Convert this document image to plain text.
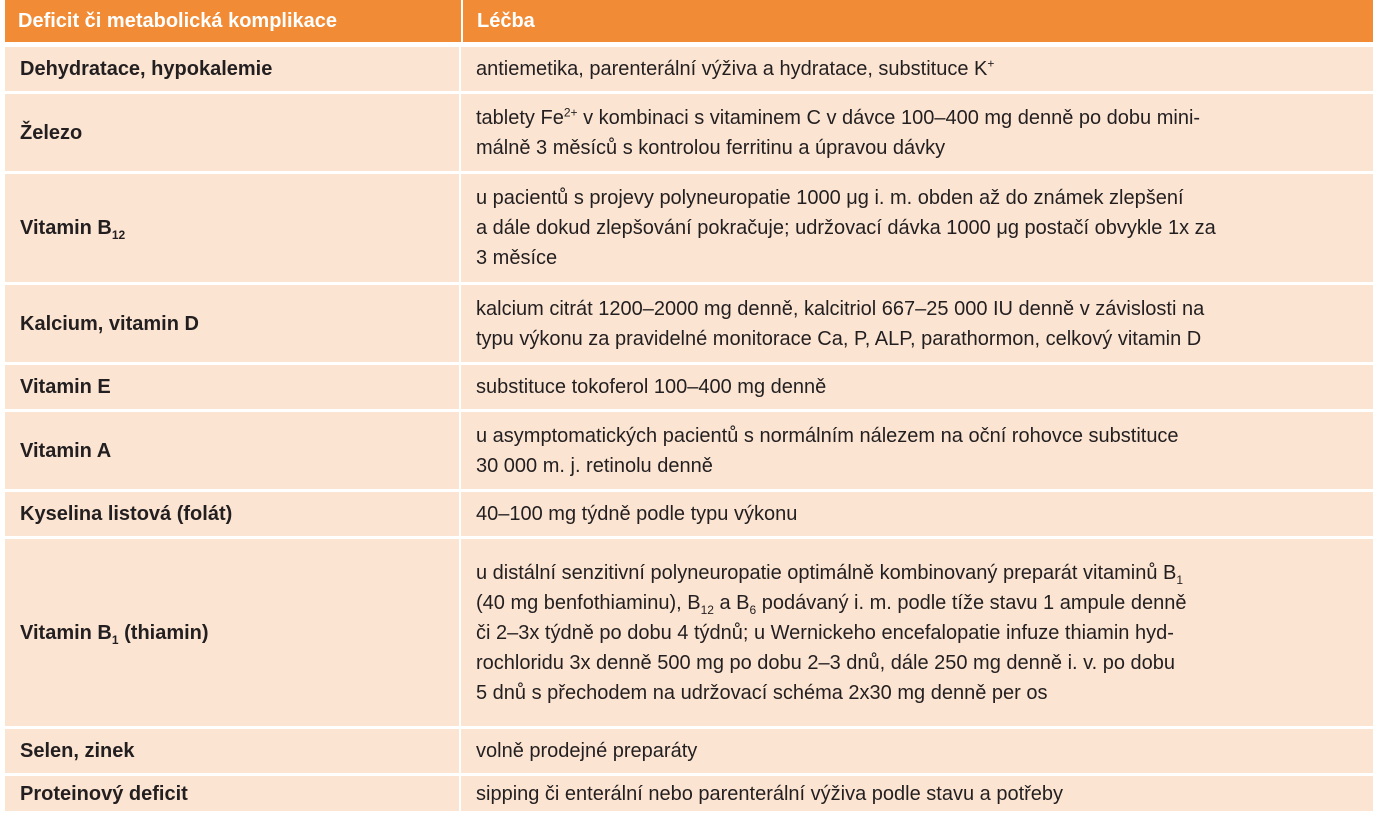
Deficit či metabolická komplikace	Léčba
Dehydratace, hypokalemie	antiemetika, parenterální výživa a hydratace, substituce K+

Železo	tablety $Fe^{2+}$ v kombinaci s vitaminem C v dávce 100–400 mg denně po dobu mini-
málně 3 měsíců s kontrolou ferritinu a úpravou dávky

Vitamin $B_{12}$	u pacientů s projevy polyneuropatie 1000 μg i. m. obden až do známek zlepšení
a dále dokud zlepšování pokračuje; udržovací dávka 1000 μg postačí obvykle 1x za
3 měsíce

Kalcium, vitamin D	kalcium citrát 1200–2000 mg denně, kalcitriol 667–25 000 IU denně v závislosti na
typu výkonu za pravidelné monitorace Ca, P, ALP, parathormon, celkový vitamin D

Vitamin E	substituce tokoferol 100–400 mg denně

Vitamin A	u asymptomatických pacientů s normálním nálezem na oční rohovce substituce
30 000 m. j. retinolu denně

Kyselina listová (folát)	40–100 mg týdně podle typu výkonu

Vitamin $B_1$ (thiamin)	u distální senzitivní polyneuropatie optimálně kombinovaný preparát vitaminů $B_1$
(40 mg benfothiaminu), $B_{12}$ a $B_6$ podávaný i. m. podle tíže stavu 1 ampule denně
či 2–3x týdně po dobu 4 týdnů; u Wernickeho encefalopatie infuze thiamin hyd-
rochloridu 3x denně 500 mg po dobu 2–3 dnů, dále 250 mg denně i. v. po dobu
5 dnů s přechodem na udržovací schéma 2x30 mg denně per os

Selen, zinek	volně prodejné preparáty

Proteinový deficit	sipping či enterální nebo parenterální výživa podle stavu a potřeby
